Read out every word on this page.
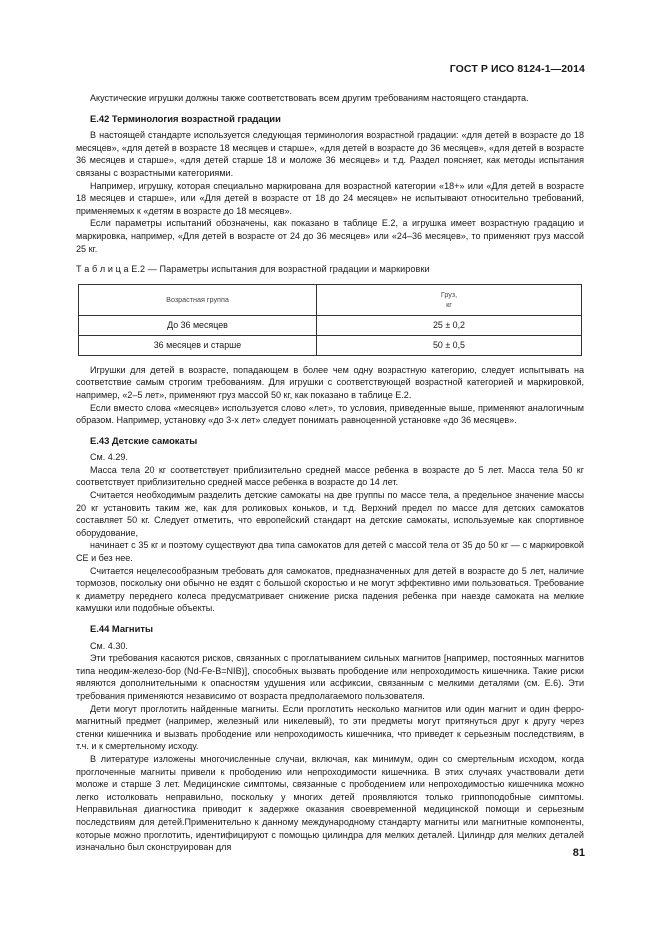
ГОСТ Р ИСО 8124-1—2014

Акустические игрушки должны также соответствовать всем другим требованиям настоящего стандарта.

E.42 Терминология возрастной градации

В настоящей стандарте используется следующая терминология возрастной градации: «для детей в возрасте до 18 месяцев», «для детей в возрасте 18 месяцев и старше», «для детей в возрасте до 36 месяцев», «для детей в возрасте 36 месяцев и старше», «для детей старше 18 и моложе 36 месяцев» и т.д. Раздел поясняет, как методы испытания связаны с возрастными категориями.

Например, игрушку, которая специально маркирована для возрастной категории «18+» или «Для детей в возрасте 18 месяцев и старше», или «Для детей в возрасте от 18 до 24 месяцев» не испытывают относительно требований, применяемых к «детям в возрасте до 18 месяцев».

Если параметры испытаний обозначены, как показано в таблице Е.2, а игрушка имеет возрастную градацию и маркировка, например, «Для детей в возрасте от 24 до 36 месяцев» или «24–36 месяцев», то применяют груз массой 25 кг.

Т а б л и ц а Е.2 — Параметры испытания для возрастной градации и маркировки

Возрастная группа	Груз,
кг
До 36 месяцев	25 ± 0,2
36 месяцев и старше	50 ± 0,5

Игрушки для детей в возрасте, попадающем в более чем одну возрастную категорию, следует испытывать на соответствие самым строгим требованиям. Для игрушки с соответствующей возрастной категорией и маркировкой, например, «2–5 лет», применяют груз массой 50 кг, как показано в таблице Е.2.

Если вместо слова «месяцев» используется слово «лет», то условия, приведенные выше, применяют аналогичным образом. Например, установку «до 3-х лет» следует понимать равноценной установке «до 36 месяцев».

E.43 Детские самокаты

См. 4.29.

Масса тела 20 кг соответствует приблизительно средней массе ребенка в возрасте до 5 лет. Масса тела 50 кг соответствует приблизительно средней массе ребенка в возрасте до 14 лет.

Считается необходимым разделить детские самокаты на две группы по массе тела, а предельное значение массы 20 кг установить таким же, как для роликовых коньков, и т.д. Верхний предел по массе для детских самокатов составляет 50 кг. Следует отметить, что европейский стандарт на детские самокаты, используемые как спортивное оборудование,

начинает с 35 кг и поэтому существуют два типа самокатов для детей с массой тела от 35 до 50 кг — с маркировкой СЕ и без нее.

Считается нецелесообразным требовать для самокатов, предназначенных для детей в возрасте до 5 лет, наличие тормозов, поскольку они обычно не ездят с большой скоростью и не могут эффективно ими пользоваться. Требование к диаметру переднего колеса предусматривает снижение риска падения ребенка при наезде самоката на мелкие камушки или подобные объекты.

E.44 Магниты

См. 4.30.

Эти требования касаются рисков, связанных с проглатыванием сильных магнитов [например, постоянных магнитов типа неодим-железо-бор (Nd-Fe-B=NIB)], способных вызвать прободение или непроходимость кишечника. Такие риски являются дополнительными к опасностям удушения или асфиксии, связанным с мелкими деталями (см. Е.6). Эти требования применяются независимо от возраста предполагаемого пользователя.

Дети могут проглотить найденные магниты. Если проглотить несколько магнитов или один магнит и один ферро-магнитный предмет (например, железный или никелевый), то эти предметы могут притянуться друг к другу через стенки кишечника и вызвать прободение или непроходимость кишечника, что приведет к серьезным последствиям, в т.ч. и к смертельному исходу.

В литературе изложены многочисленные случаи, включая, как минимум, один со смертельным исходом, когда проглоченные магниты привели к прободению или непроходимости кишечника. В этих случаях участвовали дети моложе и старше 3 лет. Медицинские симптомы, связанные с прободением или непроходимостью кишечника можно легко истолковать неправильно, поскольку у многих детей проявляются только гриппоподобные симптомы. Неправильная диагностика приводит к задержке оказания своевременной медицинской помощи и серьезным последствиям для детей.Применительно к данному международному стандарту магниты или магнитные компоненты, которые можно проглотить, идентифицируют с помощью цилиндра для мелких деталей. Цилиндр для мелких деталей изначально был сконструирован для	81
